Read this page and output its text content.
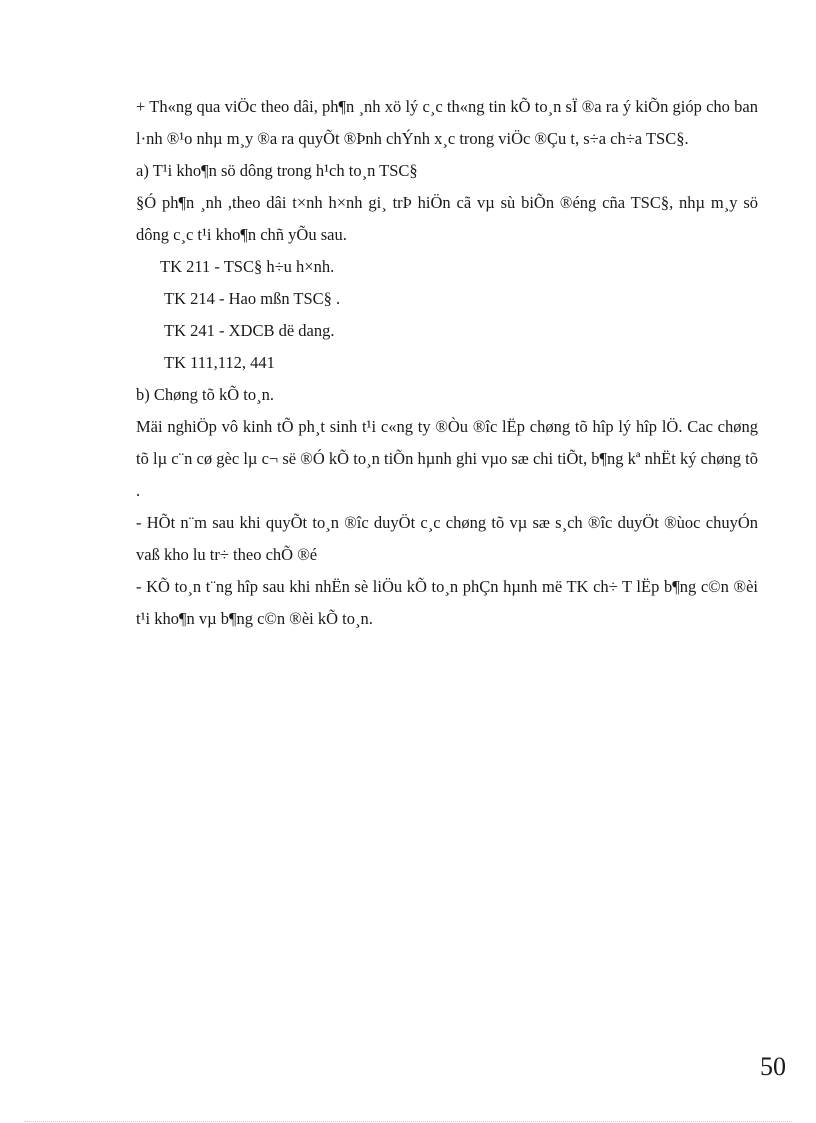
+ Th«ng qua viÖc theo dâi, ph¶n ¸nh xö lý c¸c th«ng tin kÕ to¸n sÏ ®a ra ý kiÕn gióp cho ban l·nh ®¹o nhµ m¸y ®a ra quyÕt ®Þnh chÝnh x¸c trong viÖc ®Çu t, s÷a ch÷a TSC§.

a) T¹i kho¶n sö dông trong h¹ch to¸n TSC§

§Ó ph¶n ¸nh ,theo dâi t×nh h×nh gi¸ trÞ hiÖn cã vµ sù biÕn ®éng cña TSC§, nhµ m¸y sö dông c¸c t¹i kho¶n chñ yÕu sau.

TK 211 - TSC§ h÷u h×nh.

TK 214 - Hao mßn TSC§ .

TK 241 - XDCB dë dang.

TK 111,112, 441

b) Chøng tõ kÕ to¸n.

Mäi nghiÖp vô kinh tÕ ph¸t sinh t¹i c«ng ty ®Òu ®îc lËp chøng tõ hîp lý hîp lÖ. Cac chøng tõ lµ c¨n cø gèc lµ c¬ së ®Ó kÕ to¸n tiÕn hµnh ghi vµo sæ chi tiÕt, b¶ng kª nhËt ký chøng tõ .

- HÕt n¨m sau khi quyÕt to¸n ®îc duyÖt c¸c chøng tõ vµ sæ s¸ch ®îc duyÖt ®ùoc chuyÓn vaß kho lu tr÷ theo chÕ ®é

- KÕ to¸n t¨ng hîp sau khi nhËn sè liÖu kÕ to¸n phÇn hµnh më TK ch÷ T lËp b¶ng c©n ®èi t¹i kho¶n vµ b¶ng c©n ®èi kÕ to¸n.

50
